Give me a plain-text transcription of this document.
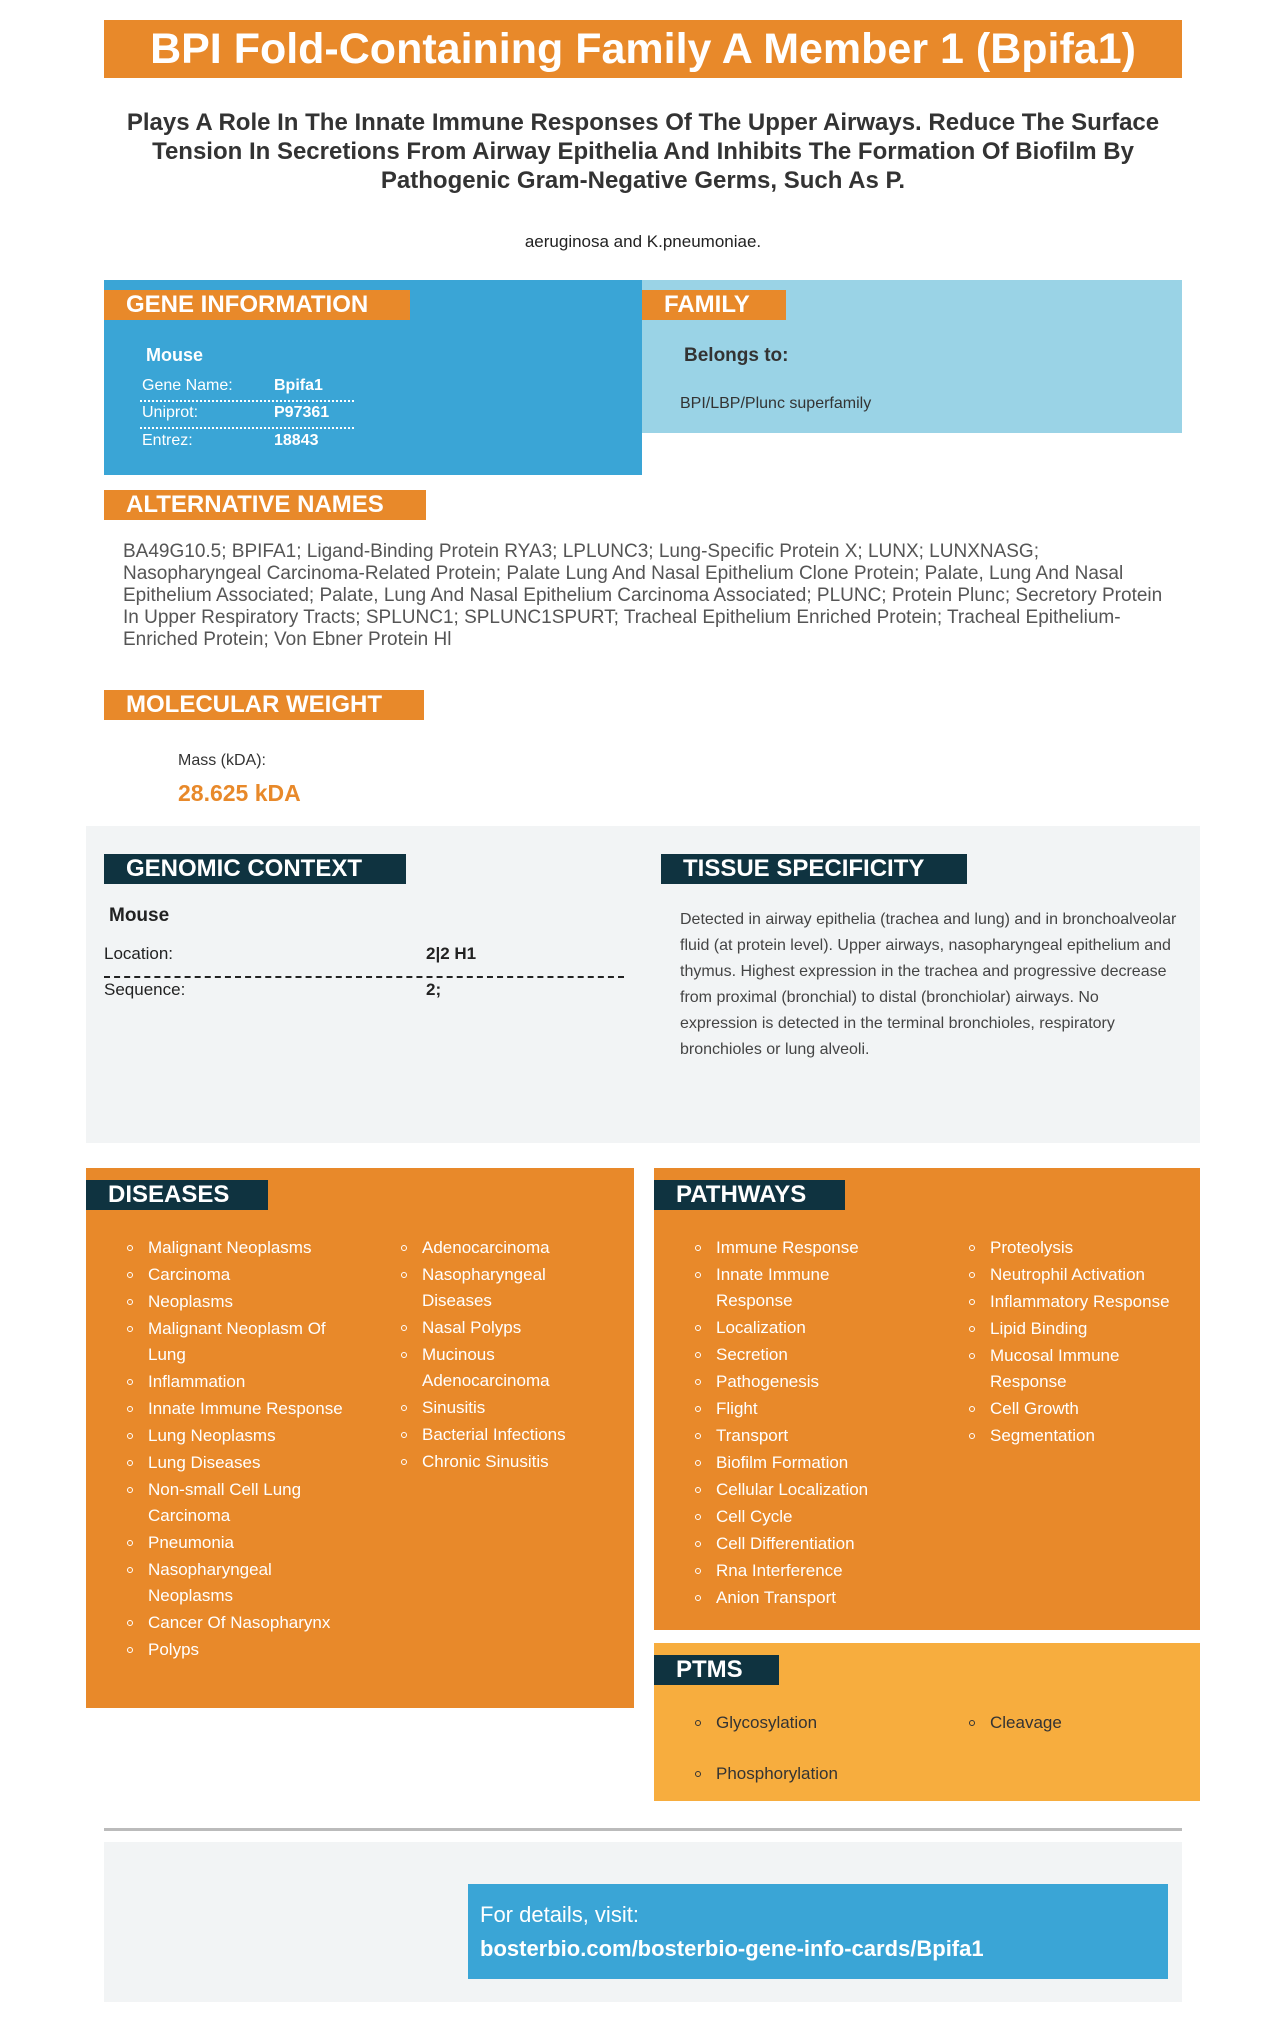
BPI Fold-Containing Family A Member 1 (Bpifa1)
Plays A Role In The Innate Immune Responses Of The Upper Airways. Reduce The Surface Tension In Secretions From Airway Epithelia And Inhibits The Formation Of Biofilm By Pathogenic Gram-Negative Germs, Such As P.
aeruginosa and K.pneumoniae.
GENE INFORMATION
Mouse
Gene Name:	Bpifa1
Uniprot:	P97361
Entrez:	18843
FAMILY
Belongs to:
BPI/LBP/Plunc superfamily
ALTERNATIVE NAMES
BA49G10.5; BPIFA1; Ligand-Binding Protein RYA3; LPLUNC3; Lung-Specific Protein X; LUNX; LUNXNASG; Nasopharyngeal Carcinoma-Related Protein; Palate Lung And Nasal Epithelium Clone Protein; Palate, Lung And Nasal Epithelium Associated; Palate, Lung And Nasal Epithelium Carcinoma Associated; PLUNC; Protein Plunc; Secretory Protein In Upper Respiratory Tracts; SPLUNC1; SPLUNC1SPURT; Tracheal Epithelium Enriched Protein; Tracheal Epithelium-Enriched Protein; Von Ebner Protein Hl
MOLECULAR WEIGHT
Mass (kDA):
28.625 kDA
GENOMIC CONTEXT
Mouse
Location:	2|2 H1
Sequence:	2;
TISSUE SPECIFICITY
Detected in airway epithelia (trachea and lung) and in bronchoalveolar fluid (at protein level). Upper airways, nasopharyngeal epithelium and thymus. Highest expression in the trachea and progressive decrease from proximal (bronchial) to distal (bronchiolar) airways. No expression is detected in the terminal bronchioles, respiratory bronchioles or lung alveoli.
DISEASES
Malignant Neoplasms
Carcinoma
Neoplasms
Malignant Neoplasm Of Lung
Inflammation
Innate Immune Response
Lung Neoplasms
Lung Diseases
Non-small Cell Lung Carcinoma
Pneumonia
Nasopharyngeal Neoplasms
Cancer Of Nasopharynx
Polyps
Adenocarcinoma
Nasopharyngeal Diseases
Nasal Polyps
Mucinous Adenocarcinoma
Sinusitis
Bacterial Infections
Chronic Sinusitis
PATHWAYS
Immune Response
Innate Immune Response
Localization
Secretion
Pathogenesis
Flight
Transport
Biofilm Formation
Cellular Localization
Cell Cycle
Cell Differentiation
Rna Interference
Anion Transport
Proteolysis
Neutrophil Activation
Inflammatory Response
Lipid Binding
Mucosal Immune Response
Cell Growth
Segmentation
PTMS
Glycosylation
Phosphorylation
Cleavage
For details, visit:
bosterbio.com/bosterbio-gene-info-cards/Bpifa1
